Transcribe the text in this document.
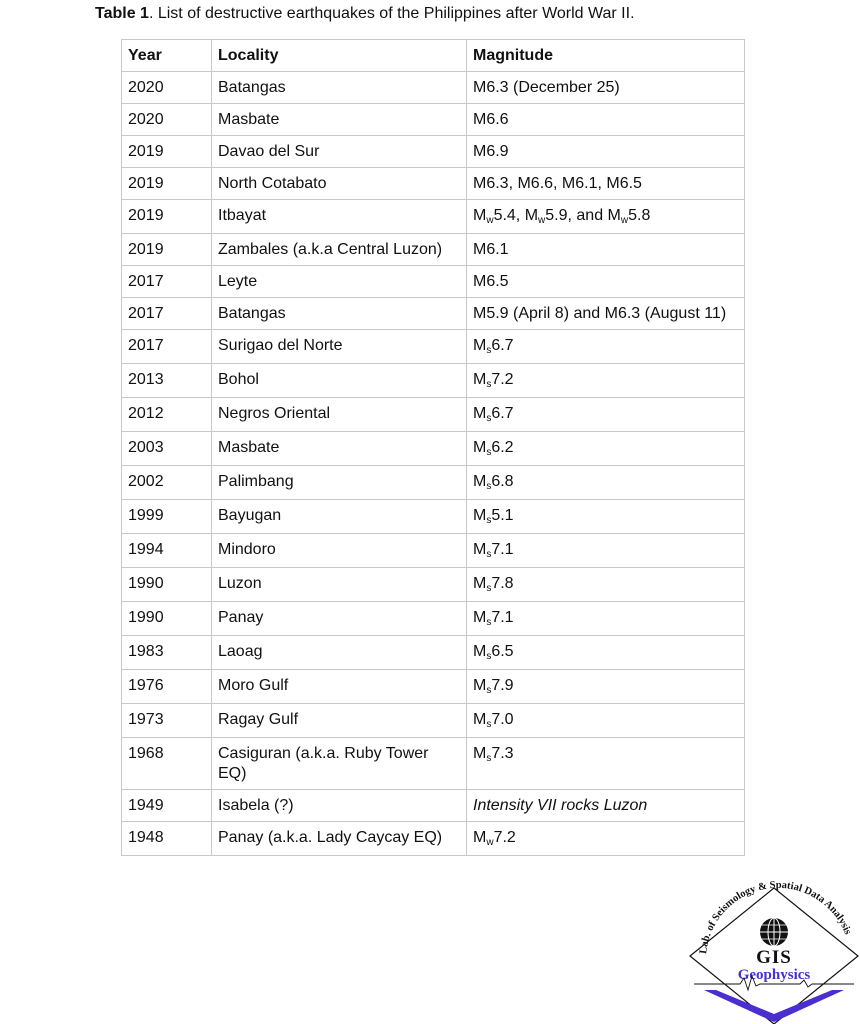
Table 1. List of destructive earthquakes of the Philippines after World War II.
Year	Locality	Magnitude
2020	Batangas	M6.3 (December 25)
2020	Masbate	M6.6
2019	Davao del Sur	M6.9
2019	North Cotabato	M6.3, M6.6, M6.1, M6.5
2019	Itbayat	Mw5.4, Mw5.9, and Mw5.8
2019	Zambales (a.k.a Central Luzon)	M6.1
2017	Leyte	M6.5
2017	Batangas	M5.9 (April 8) and M6.3 (August 11)
2017	Surigao del Norte	Ms6.7
2013	Bohol	Ms7.2
2012	Negros Oriental	Ms6.7
2003	Masbate	Ms6.2
2002	Palimbang	Ms6.8
1999	Bayugan	Ms5.1
1994	Mindoro	Ms7.1
1990	Luzon	Ms7.8
1990	Panay	Ms7.1
1983	Laoag	Ms6.5
1976	Moro Gulf	Ms7.9
1973	Ragay Gulf	Ms7.0
1968	Casiguran (a.k.a. Ruby Tower EQ)	Ms7.3
1949	Isabela (?)	Intensity VII rocks Luzon
1948	Panay (a.k.a. Lady Caycay EQ)	Mw7.2
Lab. of Seismology & Spatial Data Analysis
GIS
Geophysics
